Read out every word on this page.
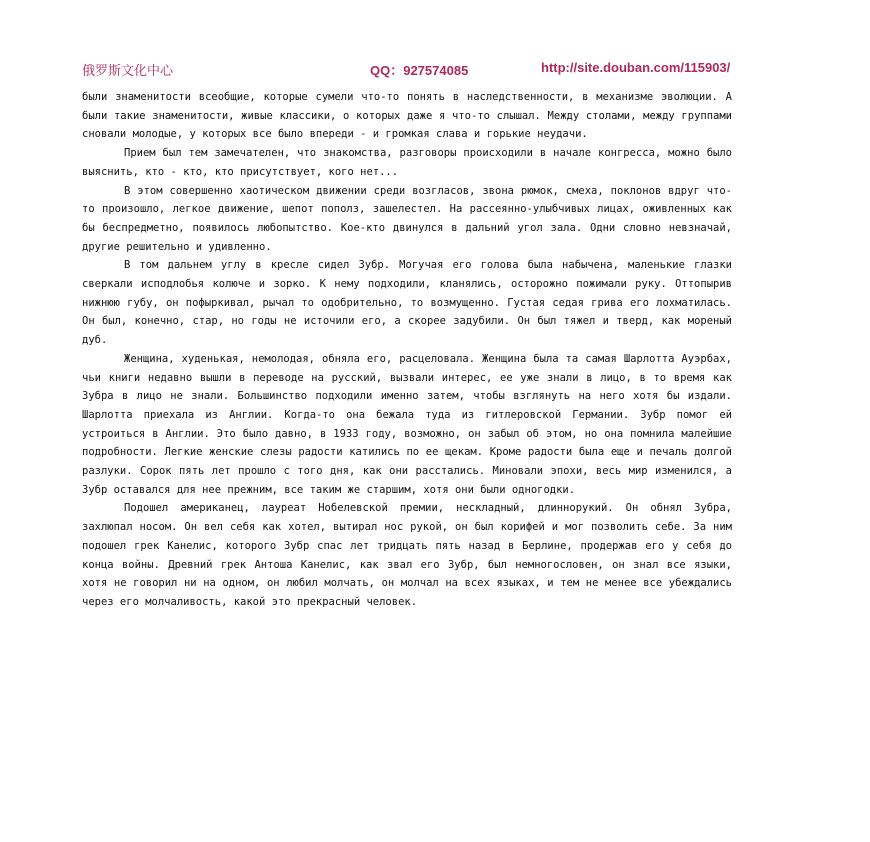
俄罗斯文化中心	QQ：927574085	http://site.douban.com/115903/

были знаменитости всеобщие, которые сумели что-то понять в наследственности, в механизме эволюции. А были такие знаменитости, живые классики, о которых даже я что-то слышал. Между столами, между группами сновали молодые, у которых все было впереди - и громкая слава и горькие неудачи.

Прием был тем замечателен, что знакомства, разговоры происходили в начале конгресса, можно было выяснить, кто - кто, кто присутствует, кого нет...

В этом совершенно хаотическом движении среди возгласов, звона рюмок, смеха, поклонов вдруг что-то произошло, легкое движение, шепот пополз, зашелестел. На рассеянно-улыбчивых лицах, оживленных как бы беспредметно, появилось любопытство. Кое-кто двинулся в дальний угол зала. Одни словно невзначай, другие решительно и удивленно.

В том дальнем углу в кресле сидел Зубр. Могучая его голова была набычена, маленькие глазки сверкали исподлобья колюче и зорко. К нему подходили, кланялись, осторожно пожимали руку. Оттопырив нижнюю губу, он пофыркивал, рычал то одобрительно, то возмущенно. Густая седая грива его лохматилась. Он был, конечно, стар, но годы не источили его, а скорее задубили. Он был тяжел и тверд, как мореный дуб.

Женщина, худенькая, немолодая, обняла его, расцеловала. Женщина была та самая Шарлотта Ауэрбах, чьи книги недавно вышли в переводе на русский, вызвали интерес, ее уже знали в лицо, в то время как Зубра в лицо не знали. Большинство подходили именно затем, чтобы взглянуть на него хотя бы издали. Шарлотта приехала из Англии. Когда-то она бежала туда из гитлеровской Германии. Зубр помог ей устроиться в Англии. Это было давно, в 1933 году, возможно, он забыл об этом, но она помнила малейшие подробности. Легкие женские слезы радости катились по ее щекам. Кроме радости была еще и печаль долгой разлуки. Сорок пять лет прошло с того дня, как они расстались. Миновали эпохи, весь мир изменился, а Зубр оставался для нее прежним, все таким же старшим, хотя они были одногодки.

Подошел американец, лауреат Нобелевской премии, нескладный, длиннорукий. Он обнял Зубра, захлюпал носом. Он вел себя как хотел, вытирал нос рукой, он был корифей и мог позволить себе. За ним подошел грек Канелис, которого Зубр спас лет тридцать пять назад в Берлине, продержав его у себя до конца войны. Древний грек Антоша Канелис, как звал его Зубр, был немногословен, он знал все языки, хотя не говорил ни на одном, он любил молчать, он молчал на всех языках, и тем не менее все убеждались через его молчаливость, какой это прекрасный человек.
